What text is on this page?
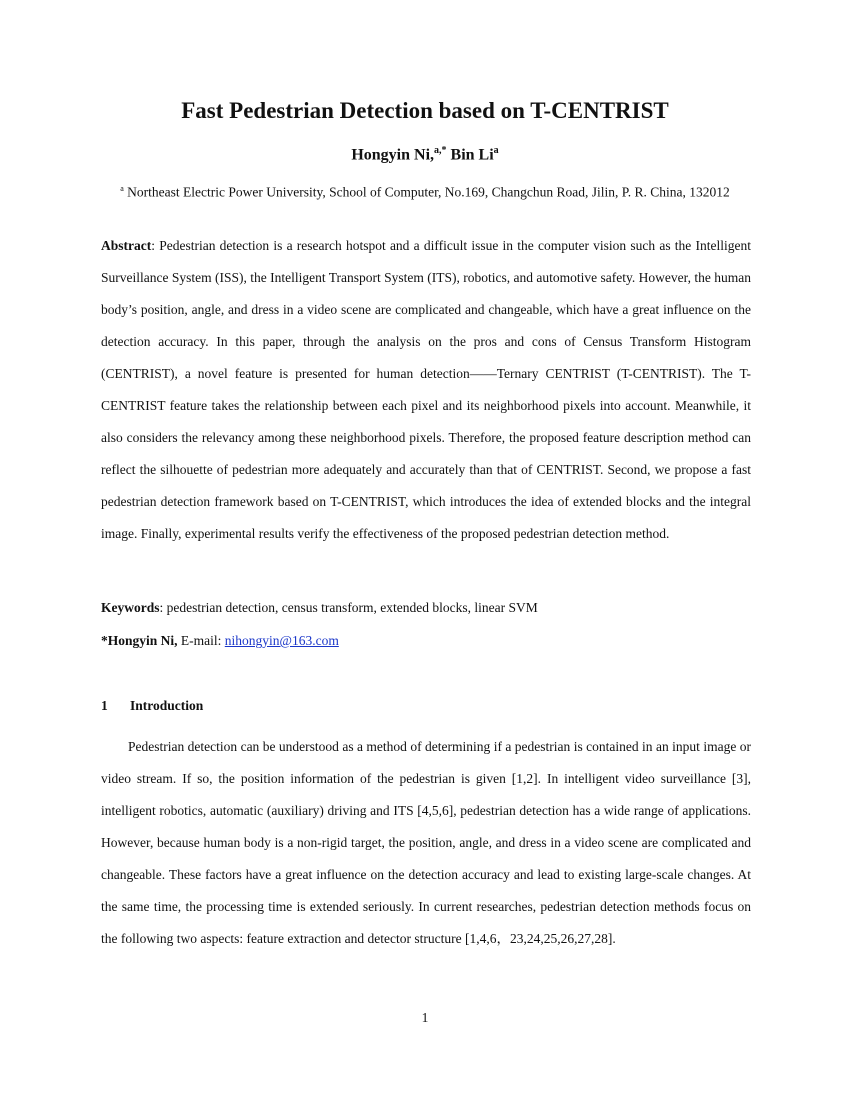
Fast Pedestrian Detection based on T-CENTRIST
Hongyin Ni,$^{a,*}$ Bin Li$^a$
$^a$ Northeast Electric Power University, School of Computer, No.169, Changchun Road, Jilin, P. R. China, 132012
Abstract: Pedestrian detection is a research hotspot and a difficult issue in the computer vision such as the Intelligent Surveillance System (ISS), the Intelligent Transport System (ITS), robotics, and automotive safety. However, the human body’s position, angle, and dress in a video scene are complicated and changeable, which have a great influence on the detection accuracy. In this paper, through the analysis on the pros and cons of Census Transform Histogram (CENTRIST), a novel feature is presented for human detection——Ternary CENTRIST (T-CENTRIST). The T-CENTRIST feature takes the relationship between each pixel and its neighborhood pixels into account. Meanwhile, it also considers the relevancy among these neighborhood pixels. Therefore, the proposed feature description method can reflect the silhouette of pedestrian more adequately and accurately than that of CENTRIST. Second, we propose a fast pedestrian detection framework based on T-CENTRIST, which introduces the idea of extended blocks and the integral image. Finally, experimental results verify the effectiveness of the proposed pedestrian detection method.
Keywords: pedestrian detection, census transform, extended blocks, linear SVM
*Hongyin Ni, E-mail: nihongyin@163.com
1 Introduction
Pedestrian detection can be understood as a method of determining if a pedestrian is contained in an input image or video stream. If so, the position information of the pedestrian is given [1,2]. In intelligent video surveillance [3], intelligent robotics, automatic (auxiliary) driving and ITS [4,5,6], pedestrian detection has a wide range of applications. However, because human body is a non-rigid target, the position, angle, and dress in a video scene are complicated and changeable. These factors have a great influence on the detection accuracy and lead to existing large-scale changes. At the same time, the processing time is extended seriously. In current researches, pedestrian detection methods focus on the following two aspects: feature extraction and detector structure [1,4,6，23,24,25,26,27,28].
1
